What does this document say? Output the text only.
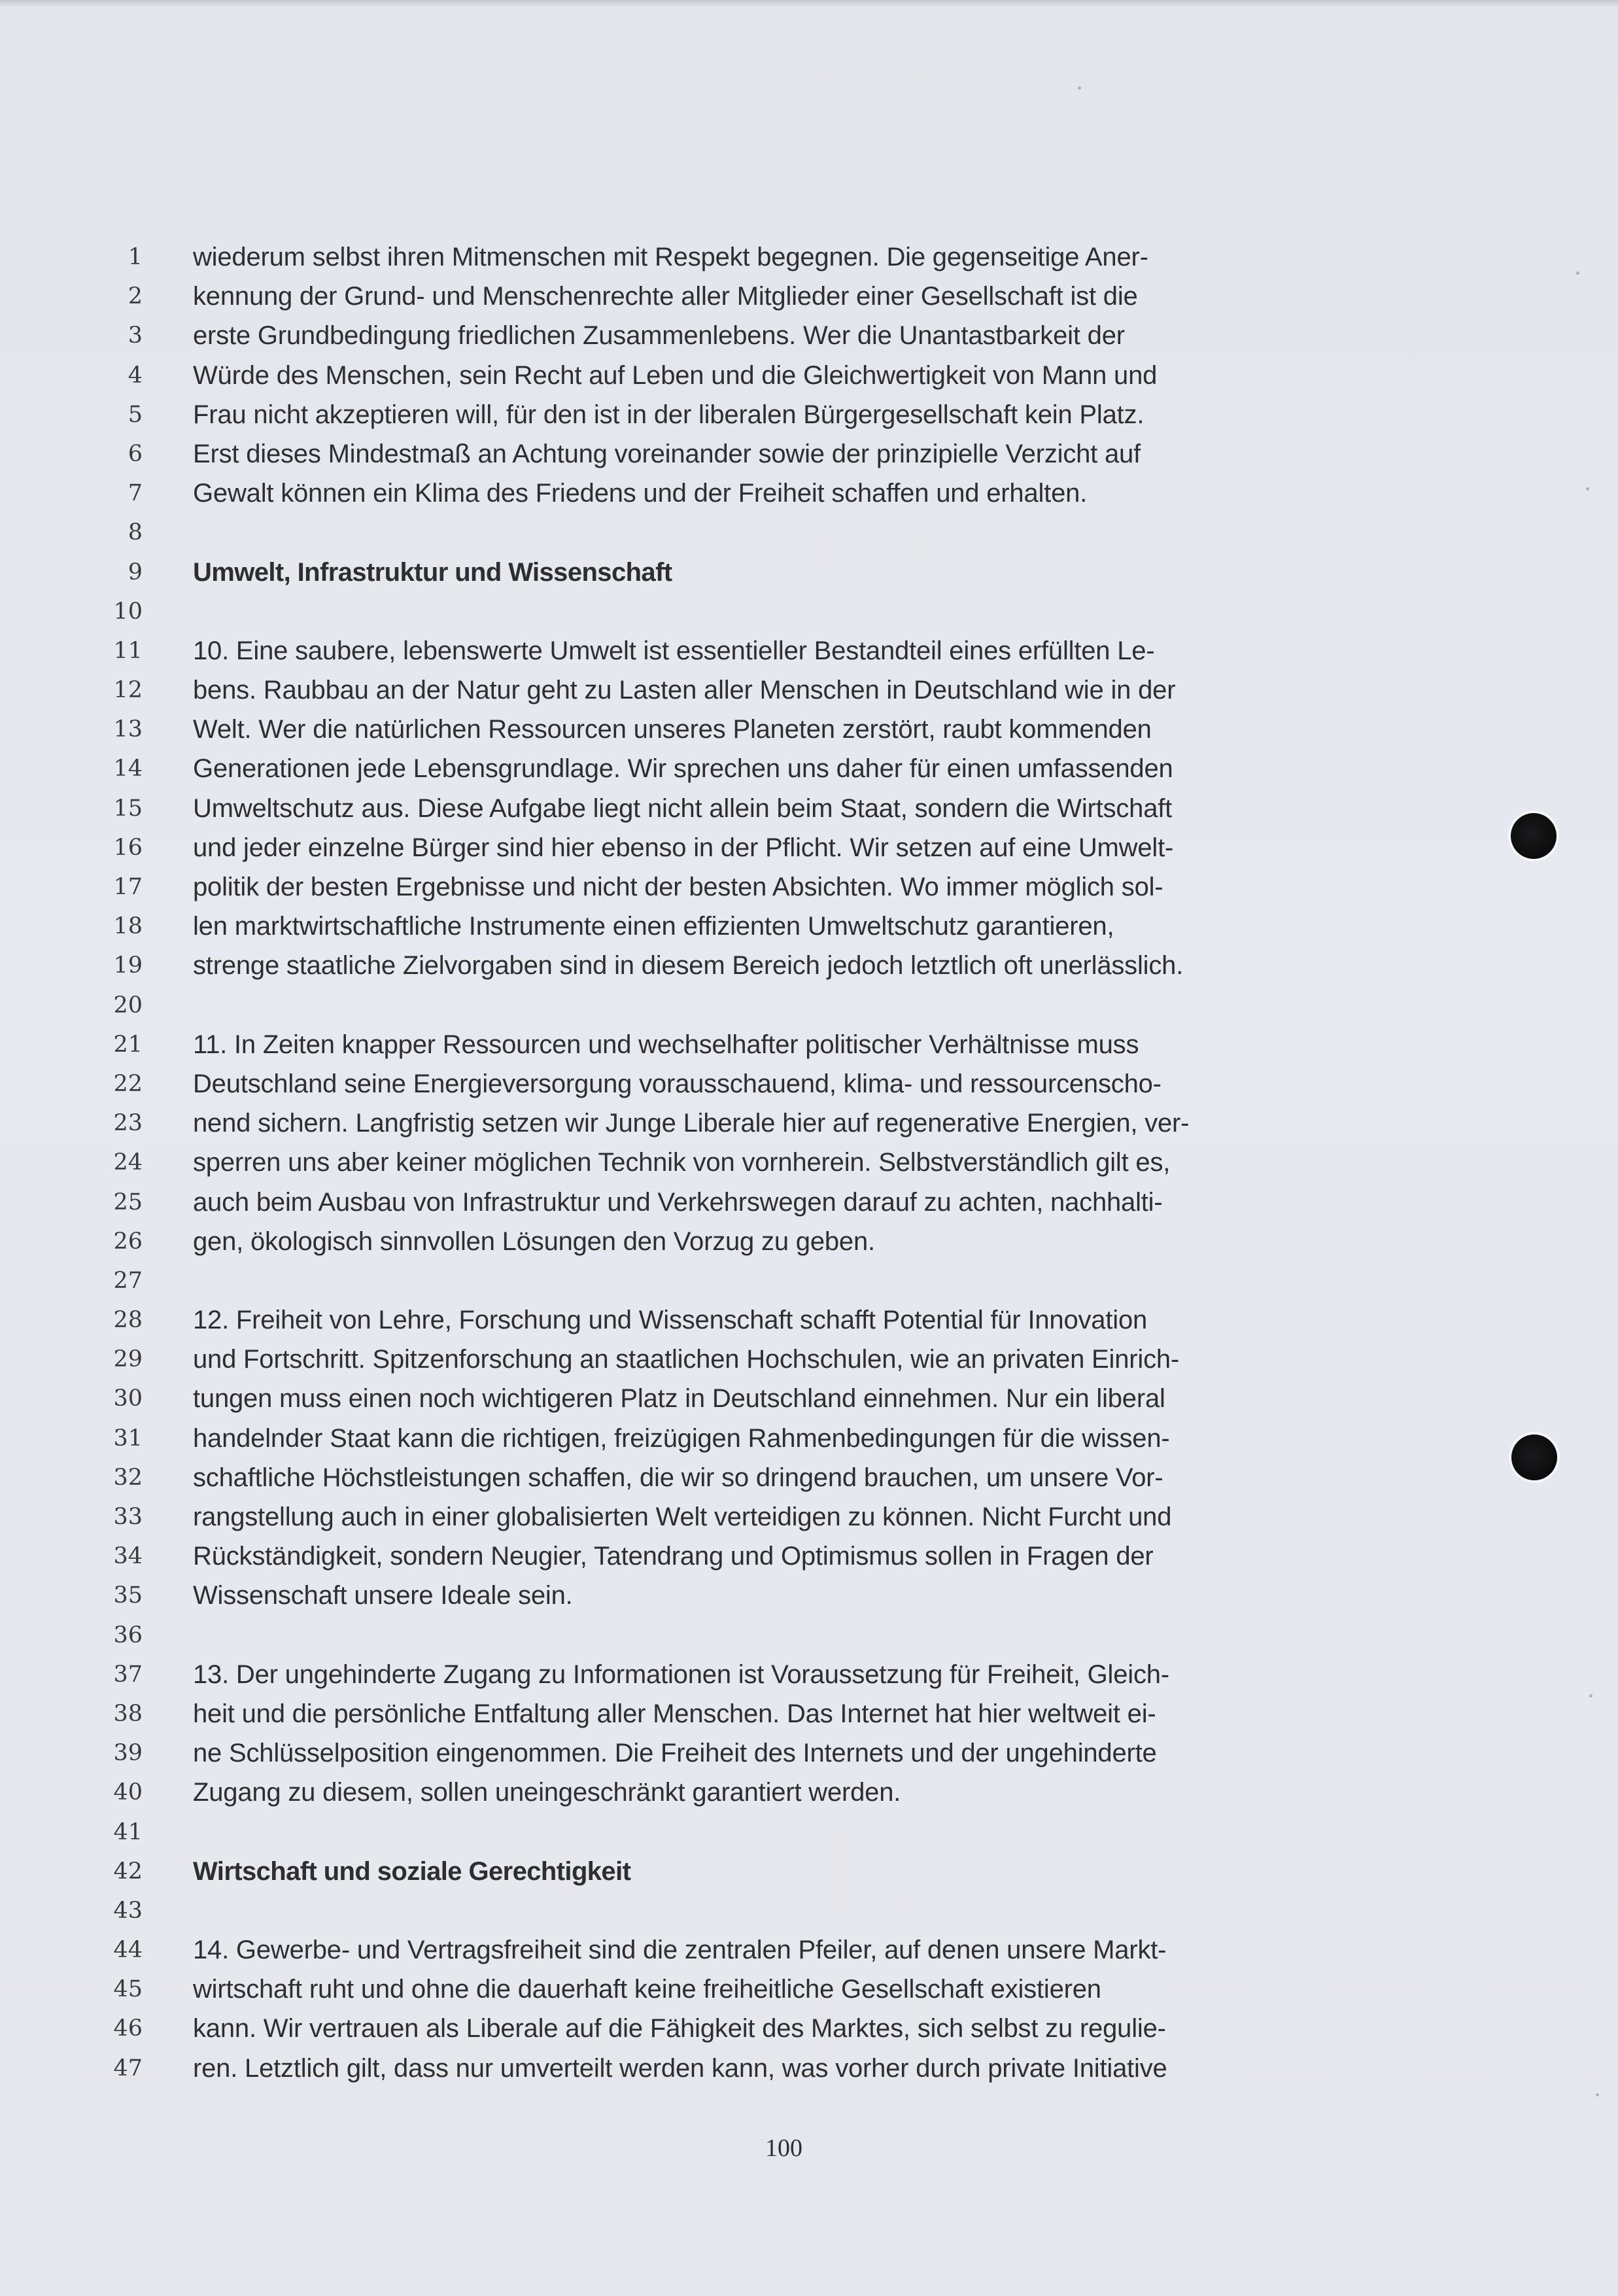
1 wiederum selbst ihren Mitmenschen mit Respekt begegnen. Die gegenseitige Aner-
2 kennung der Grund- und Menschenrechte aller Mitglieder einer Gesellschaft ist die
3 erste Grundbedingung friedlichen Zusammenlebens. Wer die Unantastbarkeit der
4 Würde des Menschen, sein Recht auf Leben und die Gleichwertigkeit von Mann und
5 Frau nicht akzeptieren will, für den ist in der liberalen Bürgergesellschaft kein Platz.
6 Erst dieses Mindestmaß an Achtung voreinander sowie der prinzipielle Verzicht auf
7 Gewalt können ein Klima des Friedens und der Freiheit schaffen und erhalten.
8
9 Umwelt, Infrastruktur und Wissenschaft
10
11 10. Eine saubere, lebenswerte Umwelt ist essentieller Bestandteil eines erfüllten Le-
12 bens. Raubbau an der Natur geht zu Lasten aller Menschen in Deutschland wie in der
13 Welt. Wer die natürlichen Ressourcen unseres Planeten zerstört, raubt kommenden
14 Generationen jede Lebensgrundlage. Wir sprechen uns daher für einen umfassenden
15 Umweltschutz aus. Diese Aufgabe liegt nicht allein beim Staat, sondern die Wirtschaft
16 und jeder einzelne Bürger sind hier ebenso in der Pflicht. Wir setzen auf eine Umwelt-
17 politik der besten Ergebnisse und nicht der besten Absichten. Wo immer möglich sol-
18 len marktwirtschaftliche Instrumente einen effizienten Umweltschutz garantieren,
19 strenge staatliche Zielvorgaben sind in diesem Bereich jedoch letztlich oft unerlässlich.
20
21 11. In Zeiten knapper Ressourcen und wechselhafter politischer Verhältnisse muss
22 Deutschland seine Energieversorgung vorausschauend, klima- und ressourcenscho-
23 nend sichern. Langfristig setzen wir Junge Liberale hier auf regenerative Energien, ver-
24 sperren uns aber keiner möglichen Technik von vornherein. Selbstverständlich gilt es,
25 auch beim Ausbau von Infrastruktur und Verkehrswegen darauf zu achten, nachhalti-
26 gen, ökologisch sinnvollen Lösungen den Vorzug zu geben.
27
28 12. Freiheit von Lehre, Forschung und Wissenschaft schafft Potential für Innovation
29 und Fortschritt. Spitzenforschung an staatlichen Hochschulen, wie an privaten Einrich-
30 tungen muss einen noch wichtigeren Platz in Deutschland einnehmen. Nur ein liberal
31 handelnder Staat kann die richtigen, freizügigen Rahmenbedingungen für die wissen-
32 schaftliche Höchstleistungen schaffen, die wir so dringend brauchen, um unsere Vor-
33 rangstellung auch in einer globalisierten Welt verteidigen zu können. Nicht Furcht und
34 Rückständigkeit, sondern Neugier, Tatendrang und Optimismus sollen in Fragen der
35 Wissenschaft unsere Ideale sein.
36
37 13. Der ungehinderte Zugang zu Informationen ist Voraussetzung für Freiheit, Gleich-
38 heit und die persönliche Entfaltung aller Menschen. Das Internet hat hier weltweit ei-
39 ne Schlüsselposition eingenommen. Die Freiheit des Internets und der ungehinderte
40 Zugang zu diesem, sollen uneingeschränkt garantiert werden.
41
42 Wirtschaft und soziale Gerechtigkeit
43
44 14. Gewerbe- und Vertragsfreiheit sind die zentralen Pfeiler, auf denen unsere Markt-
45 wirtschaft ruht und ohne die dauerhaft keine freiheitliche Gesellschaft existieren
46 kann. Wir vertrauen als Liberale auf die Fähigkeit des Marktes, sich selbst zu regulie-
47 ren. Letztlich gilt, dass nur umverteilt werden kann, was vorher durch private Initiative
100
